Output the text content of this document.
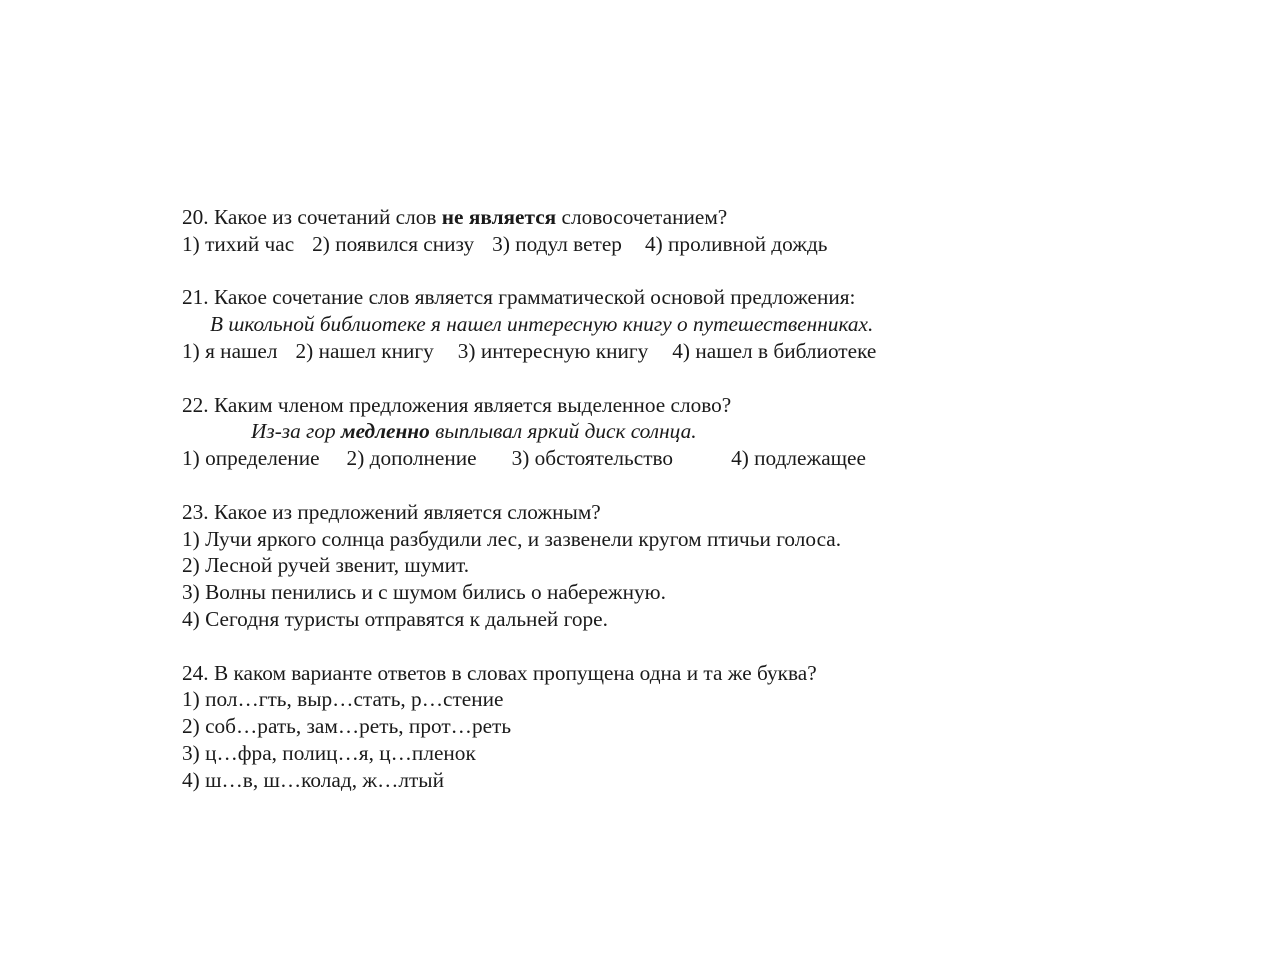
20. Какое из сочетаний слов не является словосочетанием?
1) тихий час 2) появился снизу 3) подул ветер 4) проливной дождь
21. Какое сочетание слов является грамматической основой предложения:
В школьной библиотеке я нашел интересную книгу о путешественниках.
1) я нашел 2) нашел книгу 3) интересную книгу 4) нашел в библиотеке
22. Каким членом предложения является выделенное слово?
Из-за гор медленно выплывал яркий диск солнца.
1) определение 2) дополнение 3) обстоятельство	4) подлежащее
23. Какое из предложений является сложным?
1) Лучи яркого солнца разбудили лес, и зазвенели кругом птичьи голоса.
2) Лесной ручей звенит, шумит.
3) Волны пенились и с шумом бились о набережную.
4) Сегодня туристы отправятся к дальней горе.
24. В каком варианте ответов в словах пропущена одна и та же буква?
1) пол…гть, выр…стать, р…стение
2) соб…рать, зам…реть, прот…реть
3) ц…фра, полиц…я, ц…пленок
4) ш…в, ш…колад, ж…лтый
